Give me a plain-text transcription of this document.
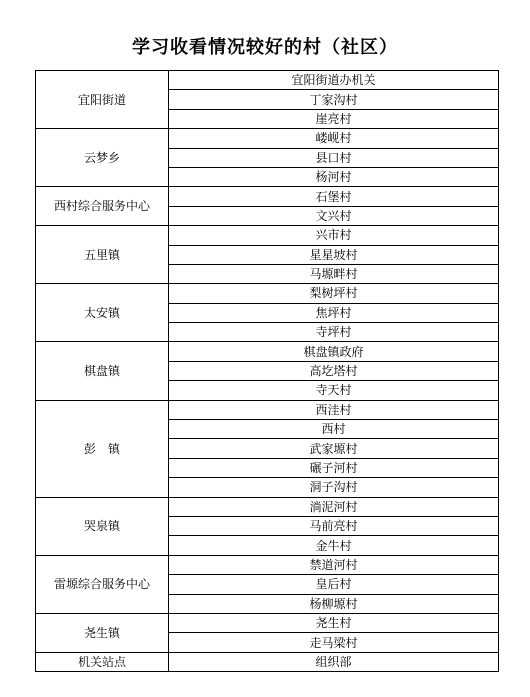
学习收看情况较好的村（社区）
宜阳街道	宜阳街道办机关
	丁家沟村
	崖亮村
云梦乡	嵝岘村
	县口村
	杨河村
西村综合服务中心	石堡村
	文兴村
五里镇	兴市村
	星星坡村
	马塬畔村
太安镇	梨树坪村
	焦坪村
	寺坪村
棋盘镇	棋盘镇政府
	高圪塔村
	寺天村
彭　镇	西洼村
	西村
	武家塬村
	碾子河村
	洞子沟村
哭泉镇	淌泥河村
	马前亮村
	金牛村
雷塬综合服务中心	禁道河村
	皇后村
	杨柳塬村
尧生镇	尧生村
	走马梁村
机关站点	组织部
